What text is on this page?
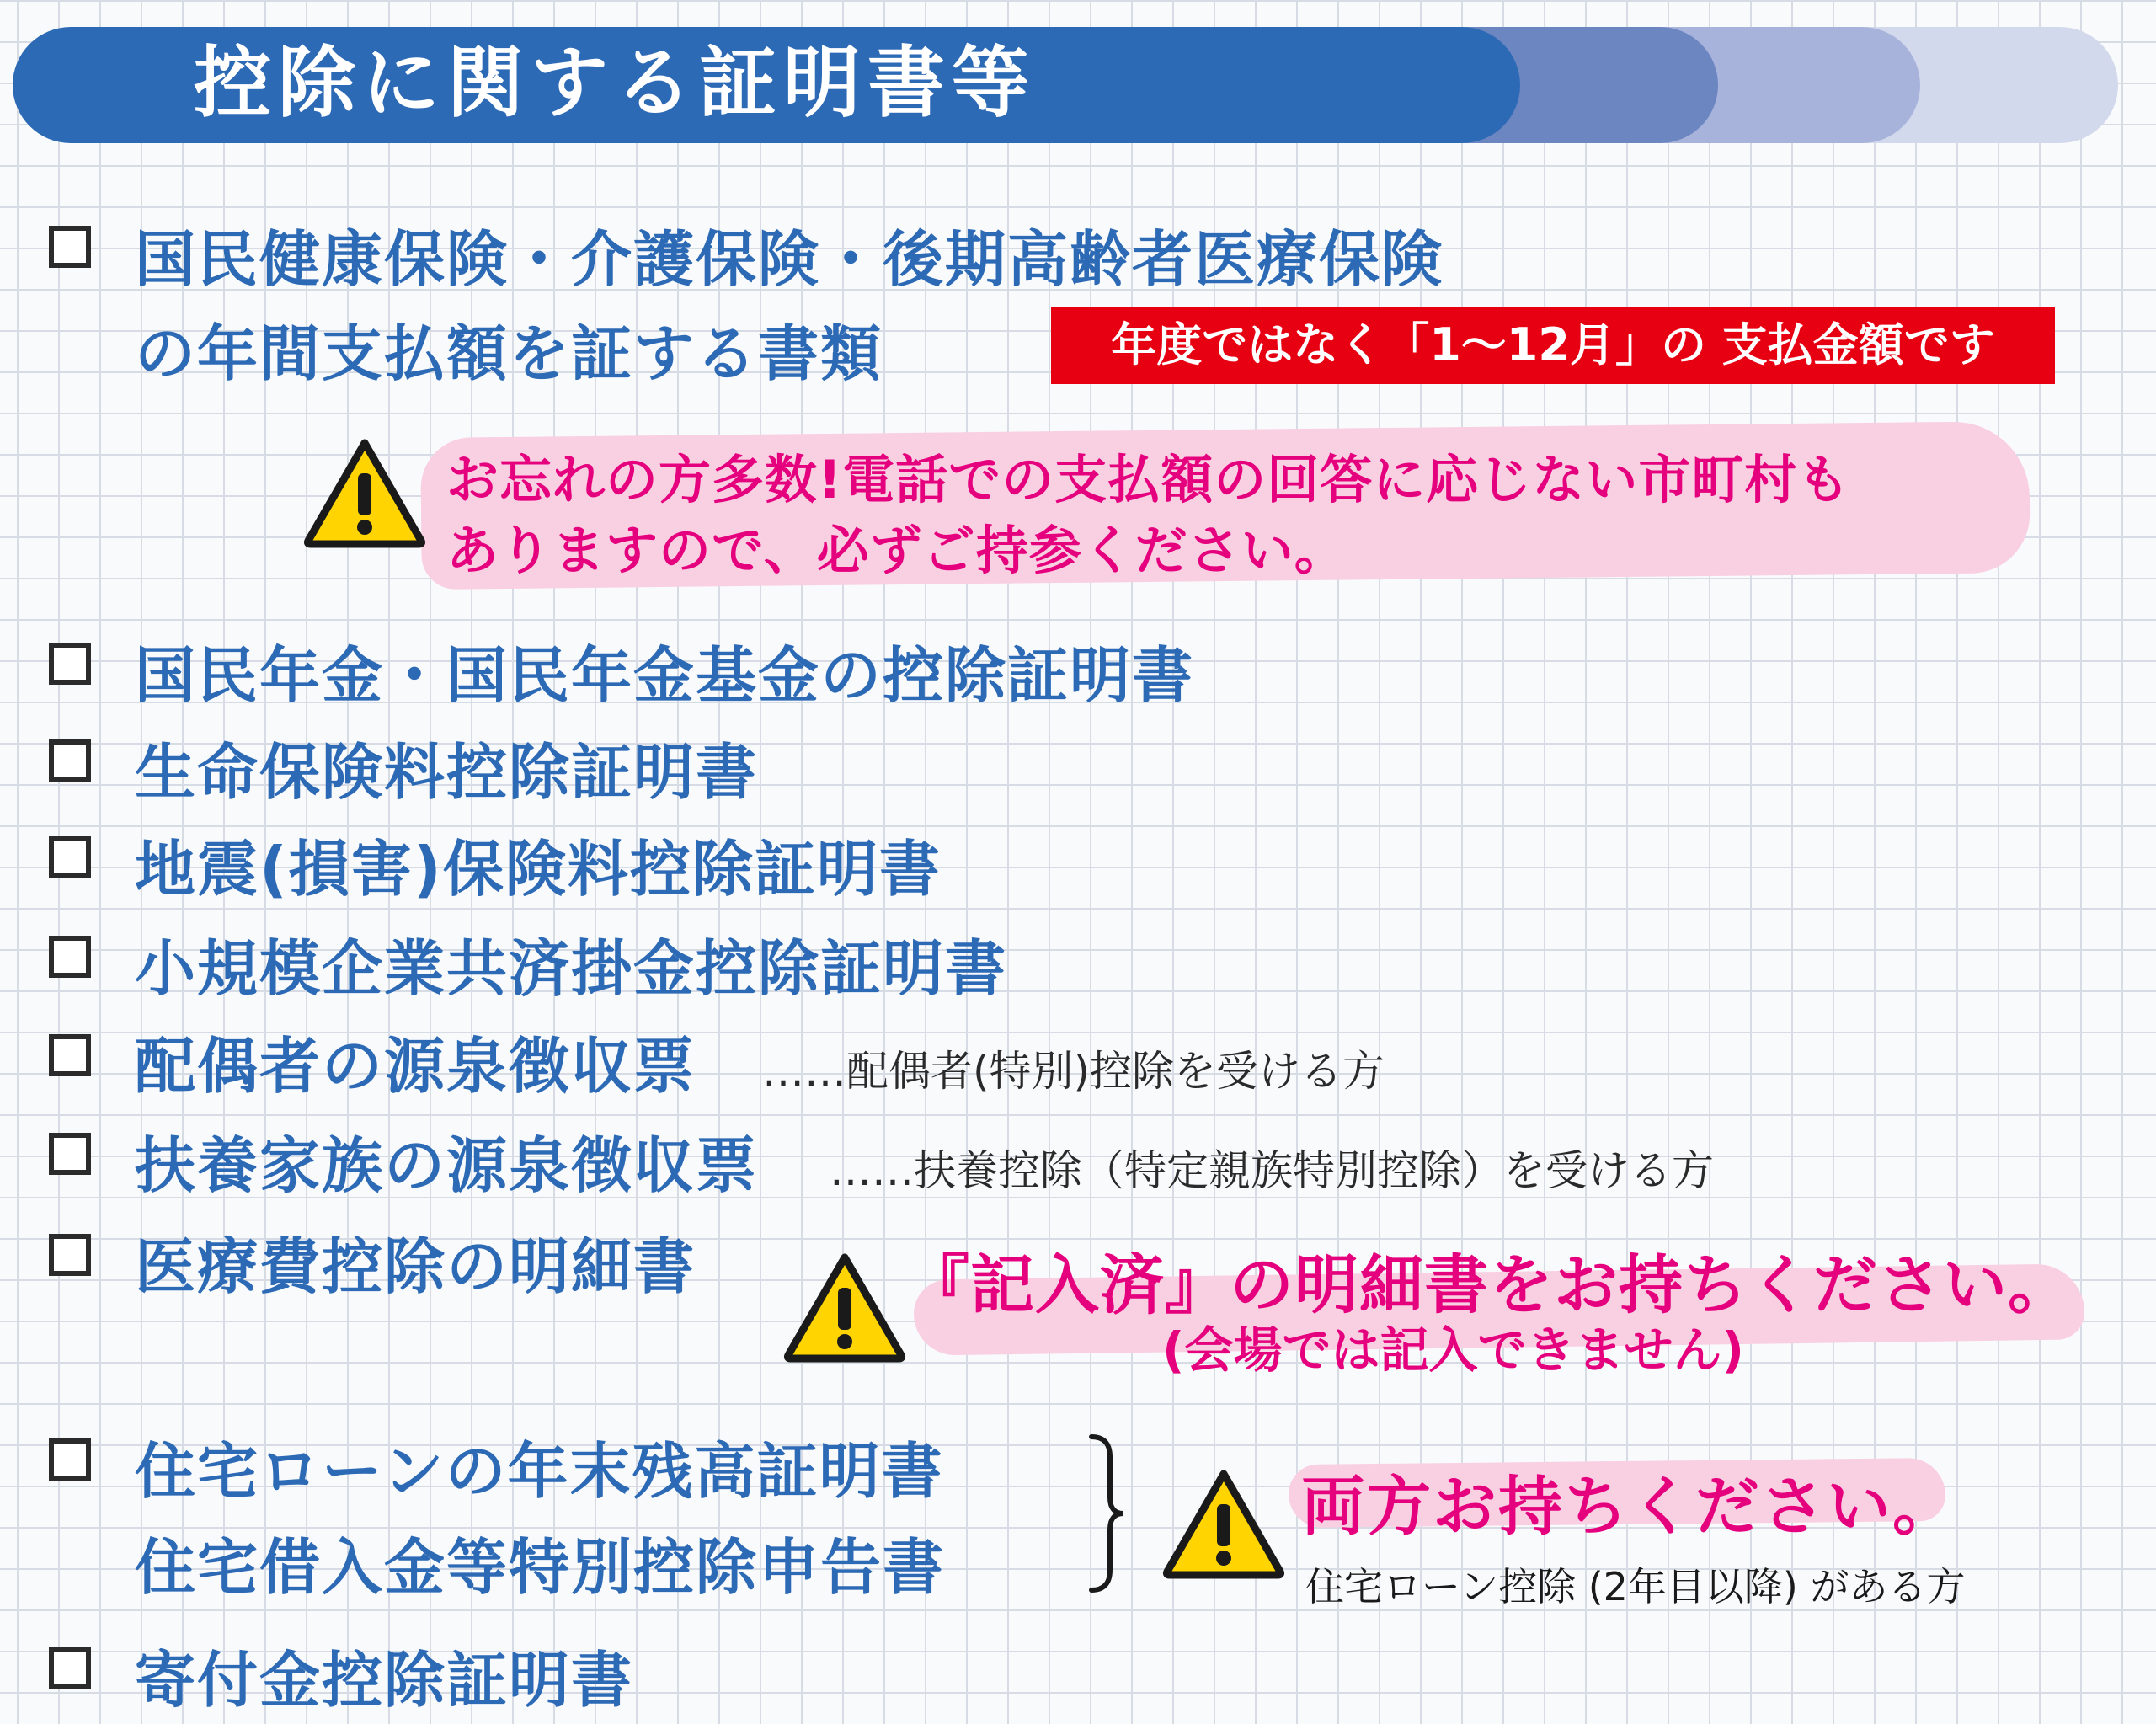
控除に関する証明書等
国民健康保険・介護保険・後期高齢者医療保険
の年間支払額を証する書類	年度ではなく「1～12月」の 支払金額です
お忘れの方多数!電話での支払額の回答に応じない市町村も
ありますので、必ずご持参ください。
国民年金・国民年金基金の控除証明書
生命保険料控除証明書
地震(損害)保険料控除証明書
小規模企業共済掛金控除証明書
配偶者の源泉徴収票 ……配偶者(特別)控除を受ける方
扶養家族の源泉徴収票 ……扶養控除（特定親族特別控除）を受ける方
医療費控除の明細書	『記入済』の明細書をお持ちください。
(会場では記入できません)
住宅ローンの年末残高証明書
住宅借入金等特別控除申告書
両方お持ちください。
住宅ローン控除 (2年目以降) がある方
寄付金控除証明書
